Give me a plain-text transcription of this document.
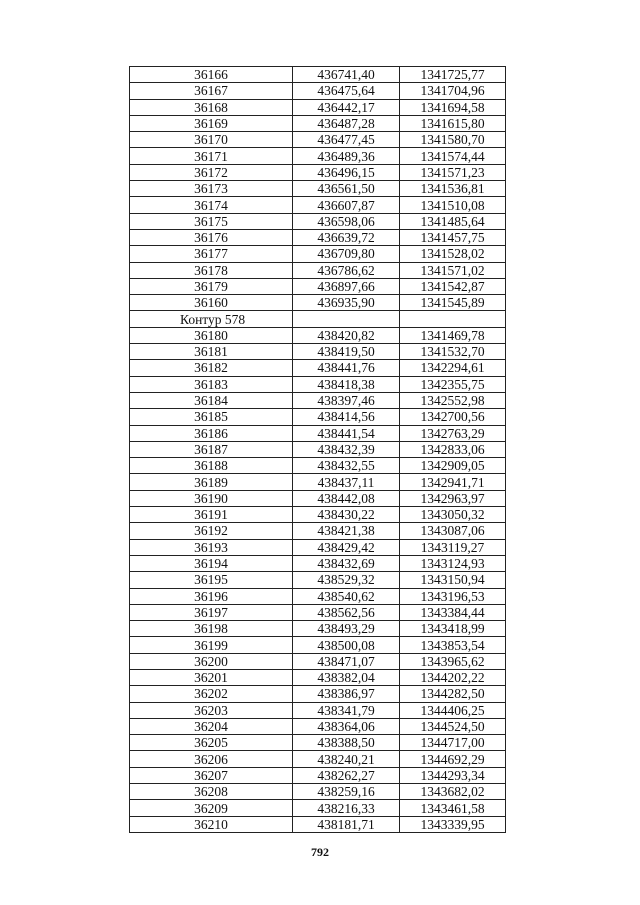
36166	436741,40	1341725,77
36167	436475,64	1341704,96
36168	436442,17	1341694,58
36169	436487,28	1341615,80
36170	436477,45	1341580,70
36171	436489,36	1341574,44
36172	436496,15	1341571,23
36173	436561,50	1341536,81
36174	436607,87	1341510,08
36175	436598,06	1341485,64
36176	436639,72	1341457,75
36177	436709,80	1341528,02
36178	436786,62	1341571,02
36179	436897,66	1341542,87
36160	436935,90	1341545,89
Контур 578		
36180	438420,82	1341469,78
36181	438419,50	1341532,70
36182	438441,76	1342294,61
36183	438418,38	1342355,75
36184	438397,46	1342552,98
36185	438414,56	1342700,56
36186	438441,54	1342763,29
36187	438432,39	1342833,06
36188	438432,55	1342909,05
36189	438437,11	1342941,71
36190	438442,08	1342963,97
36191	438430,22	1343050,32
36192	438421,38	1343087,06
36193	438429,42	1343119,27
36194	438432,69	1343124,93
36195	438529,32	1343150,94
36196	438540,62	1343196,53
36197	438562,56	1343384,44
36198	438493,29	1343418,99
36199	438500,08	1343853,54
36200	438471,07	1343965,62
36201	438382,04	1344202,22
36202	438386,97	1344282,50
36203	438341,79	1344406,25
36204	438364,06	1344524,50
36205	438388,50	1344717,00
36206	438240,21	1344692,29
36207	438262,27	1344293,34
36208	438259,16	1343682,02
36209	438216,33	1343461,58
36210	438181,71	1343339,95
792
